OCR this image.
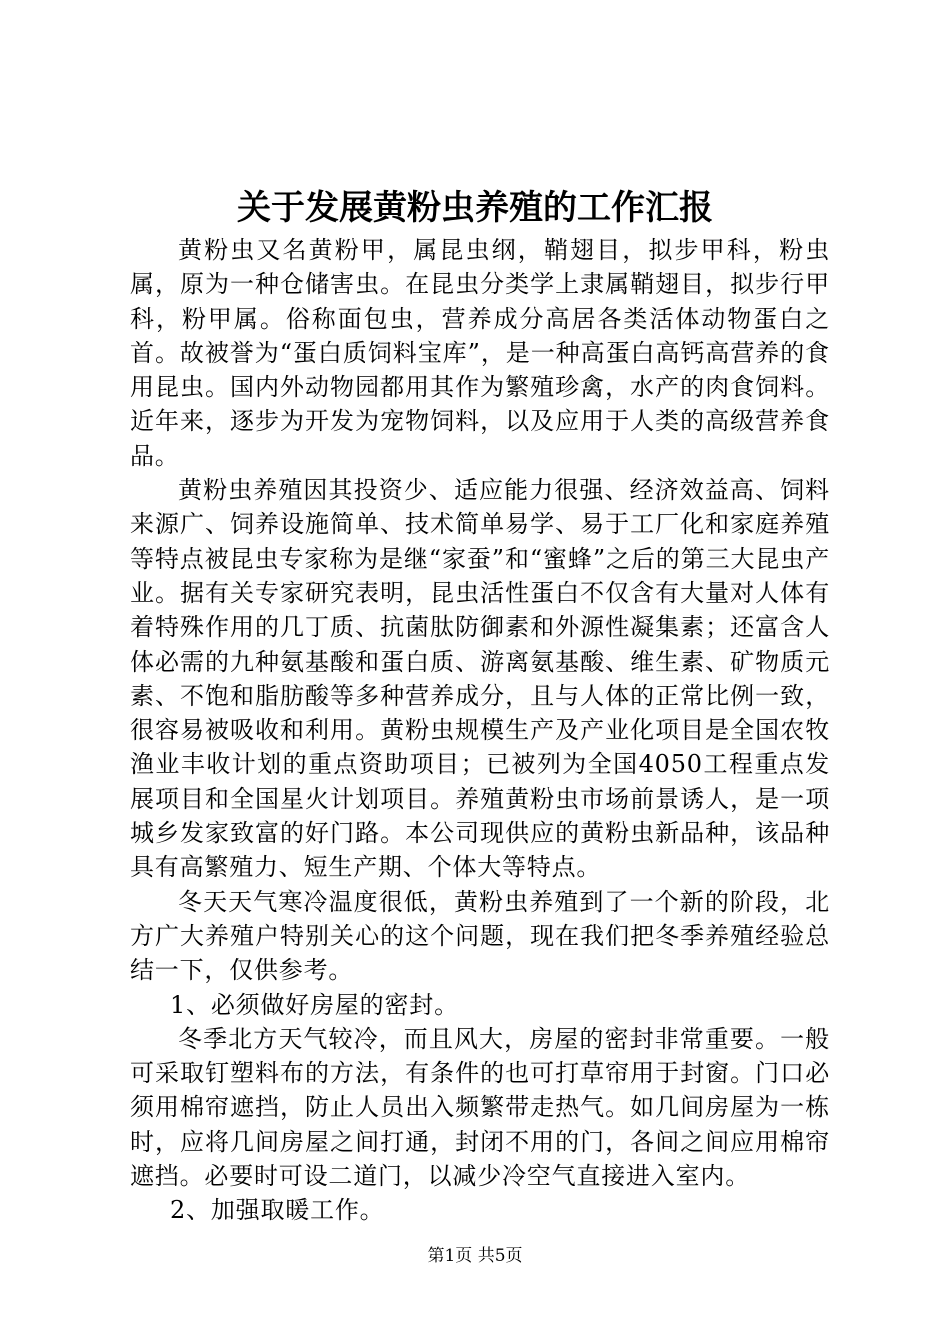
关于发展黄粉虫养殖的工作汇报

黄粉虫又名黄粉甲，属昆虫纲，鞘翅目，拟步甲科，粉虫属，原为一种仓储害虫。在昆虫分类学上隶属鞘翅目，拟步行甲科，粉甲属。俗称面包虫，营养成分高居各类活体动物蛋白之首。故被誉为“蛋白质饲料宝库”，是一种高蛋白高钙高营养的食用昆虫。国内外动物园都用其作为繁殖珍禽，水产的肉食饲料。近年来，逐步为开发为宠物饲料，以及应用于人类的高级营养食品。

黄粉虫养殖因其投资少、适应能力很强、经济效益高、饲料来源广、饲养设施简单、技术简单易学、易于工厂化和家庭养殖等特点被昆虫专家称为是继“家蚕”和“蜜蜂”之后的第三大昆虫产业。据有关专家研究表明，昆虫活性蛋白不仅含有大量对人体有着特殊作用的几丁质、抗菌肽防御素和外源性凝集素；还富含人体必需的九种氨基酸和蛋白质、游离氨基酸、维生素、矿物质元素、不饱和脂肪酸等多种营养成分，且与人体的正常比例一致，很容易被吸收和利用。黄粉虫规模生产及产业化项目是全国农牧渔业丰收计划的重点资助项目；已被列为全国4050工程重点发展项目和全国星火计划项目。养殖黄粉虫市场前景诱人，是一项城乡发家致富的好门路。本公司现供应的黄粉虫新品种，该品种具有高繁殖力、短生产期、个体大等特点。

冬天天气寒冷温度很低，黄粉虫养殖到了一个新的阶段，北方广大养殖户特别关心的这个问题，现在我们把冬季养殖经验总结一下，仅供参考。

1、必须做好房屋的密封。

冬季北方天气较冷，而且风大，房屋的密封非常重要。一般可采取钉塑料布的方法，有条件的也可打草帘用于封窗。门口必须用棉帘遮挡，防止人员出入频繁带走热气。如几间房屋为一栋时，应将几间房屋之间打通，封闭不用的门，各间之间应用棉帘遮挡。必要时可设二道门，以减少冷空气直接进入室内。

2、加强取暖工作。

第1页 共5页
